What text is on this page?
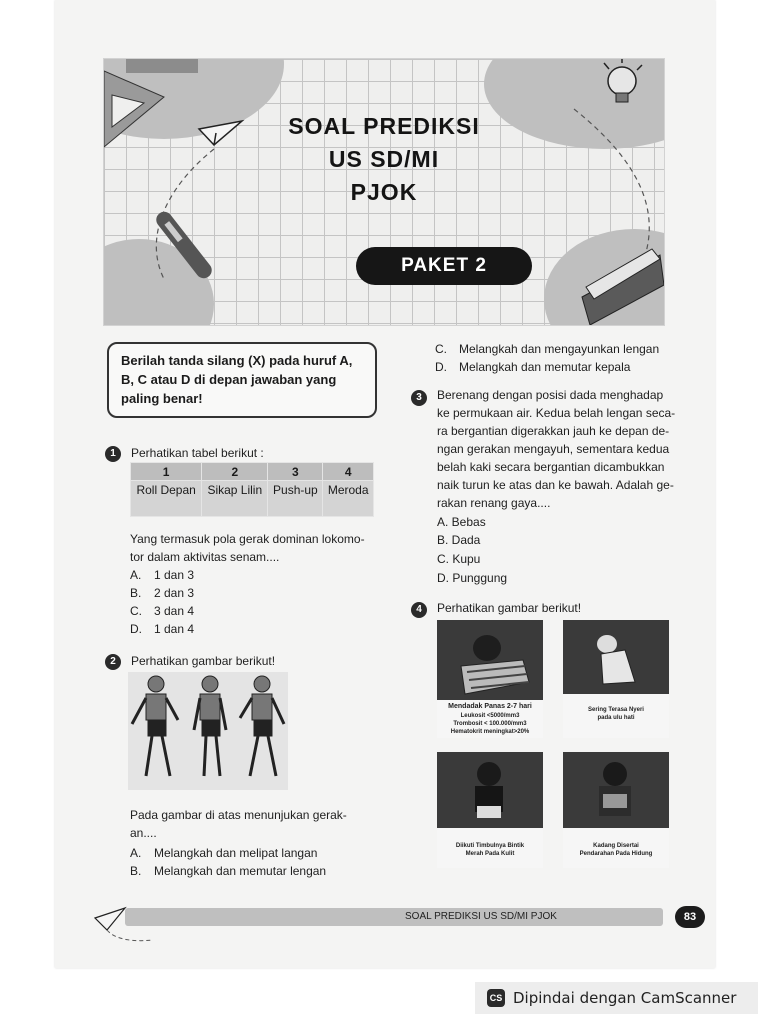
SOAL PREDIKSI
US SD/MI
PJOK
PAKET 2
Berilah tanda silang (X) pada huruf A, B, C atau D di depan jawaban yang paling benar!
1	Perhatikan tabel berikut :
1	2	3	4
Roll Depan	Sikap Lilin	Push-up	Meroda
Yang termasuk pola gerak dominan lokomo-
tor dalam aktivitas senam....
A. 1 dan 3
B. 2 dan 3
C. 3 dan 4
D. 1 dan 4
2	Perhatikan gambar berikut!
Pada gambar di atas menunjukan gerak-
an....
A. Melangkah dan melipat langan
B. Melangkah dan memutar lengan
C. Melangkah dan mengayunkan lengan
D. Melangkah dan memutar kepala
3	Berenang dengan posisi dada menghadap
ke permukaan air. Kedua belah lengan seca-
ra bergantian digerakkan jauh ke depan de-
ngan gerakan mengayuh, sementara kedua
belah kaki secara bergantian dicambukkan
naik turun ke atas dan ke bawah. Adalah ge-
rakan renang gaya....
A. Bebas
B. Dada
C. Kupu
D. Punggung
4	Perhatikan gambar berikut!
Mendadak Panas 2-7 hari
Leukosit <5000/mm3
Trombosit < 100.000/mm3
Hematokrit meningkat>20%
Sering Terasa Nyeri
pada ulu hati
Diikuti Timbulnya Bintik
Merah Pada Kulit
Kadang Disertai
Pendarahan Pada Hidung
SOAL PREDIKSI US SD/MI PJOK	83
CS Dipindai dengan CamScanner
